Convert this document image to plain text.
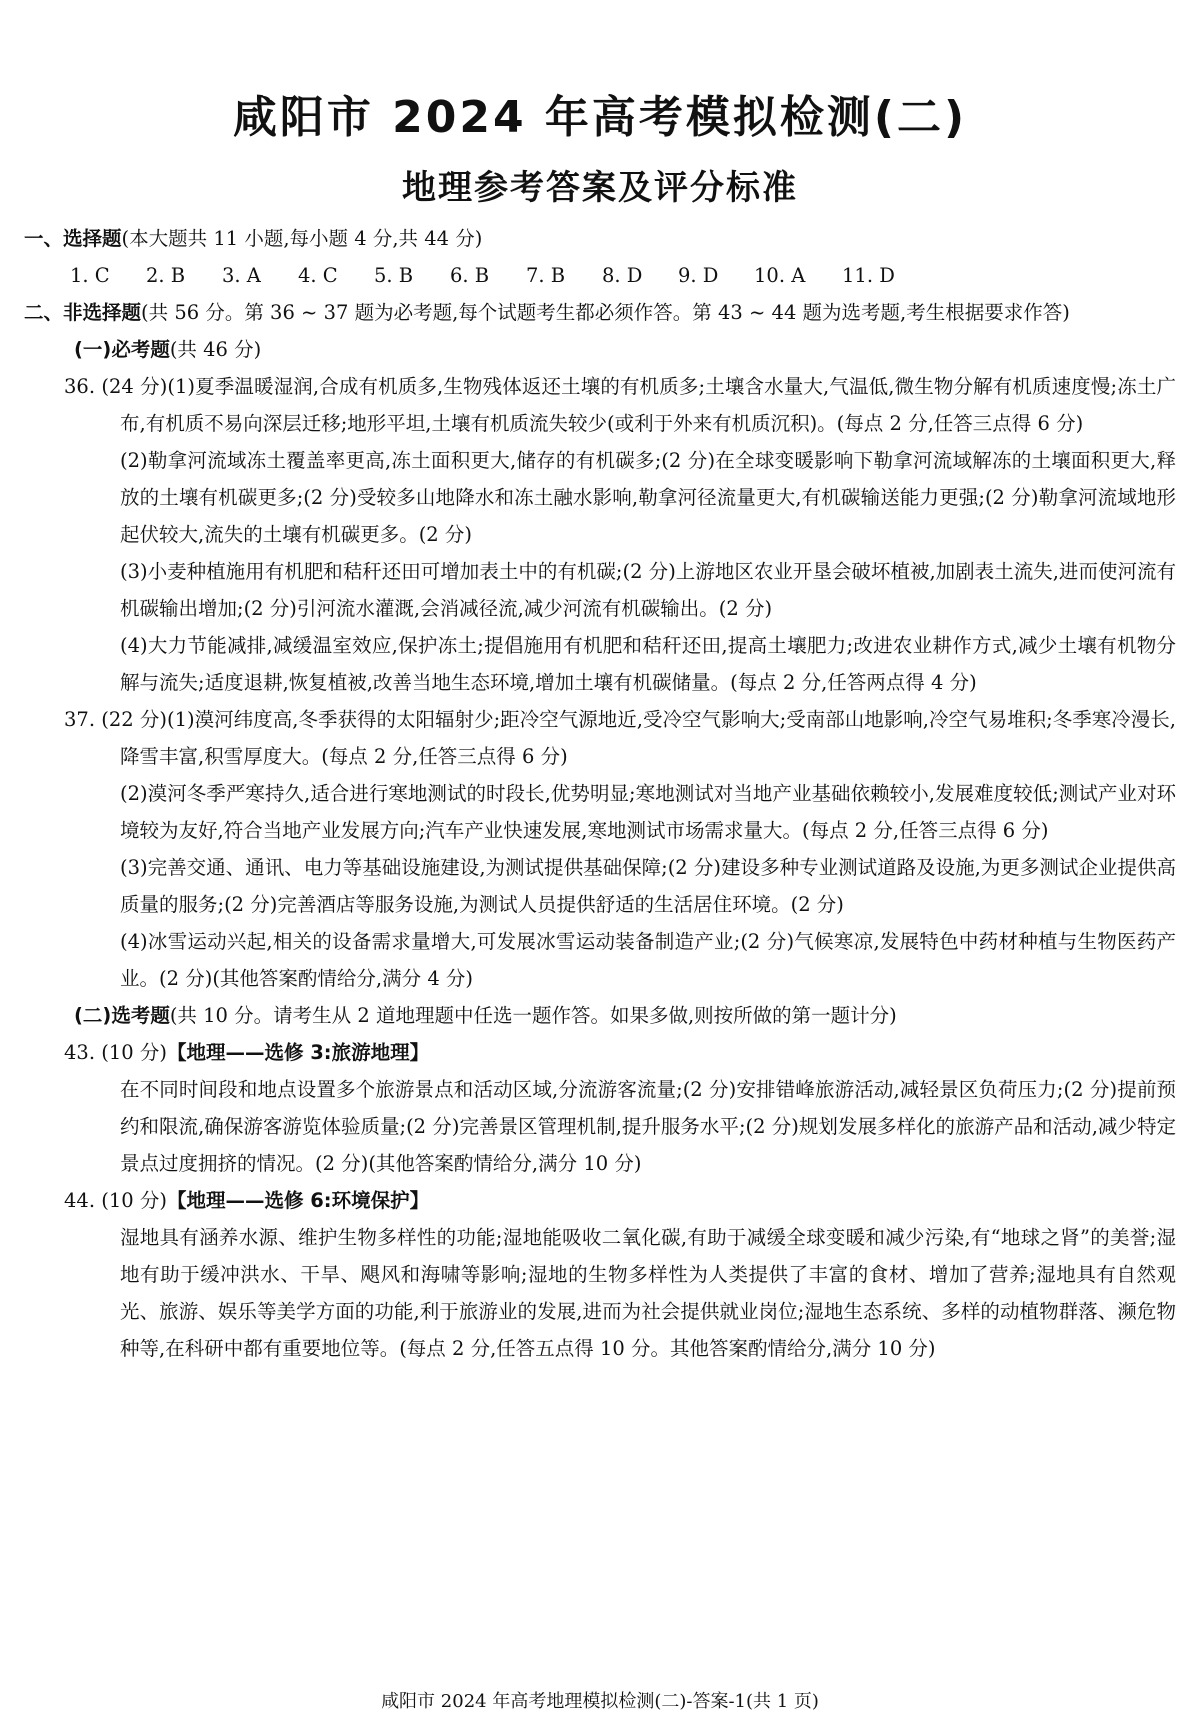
咸阳市 2024 年高考模拟检测(二)
地理参考答案及评分标准
一、选择题(本大题共 11 小题,每小题 4 分,共 44 分)
1. C	2. B	3. A	4. C	5. B	6. B	7. B	8. D	9. D	10. A	11. D
二、非选择题(共 56 分。第 36 ~ 37 题为必考题,每个试题考生都必须作答。第 43 ~ 44 题为选考题,考生根据要求作答)
(一)必考题(共 46 分)
36. (24 分)(1)夏季温暖湿润,合成有机质多,生物残体返还土壤的有机质多;土壤含水量大,气温低,微生物分解有机质速度慢;冻土广布,有机质不易向深层迁移;地形平坦,土壤有机质流失较少(或利于外来有机质沉积)。(每点 2 分,任答三点得 6 分)
(2)勒拿河流域冻土覆盖率更高,冻土面积更大,储存的有机碳多;(2 分)在全球变暖影响下勒拿河流域解冻的土壤面积更大,释放的土壤有机碳更多;(2 分)受较多山地降水和冻土融水影响,勒拿河径流量更大,有机碳输送能力更强;(2 分)勒拿河流域地形起伏较大,流失的土壤有机碳更多。(2 分)
(3)小麦种植施用有机肥和秸秆还田可增加表土中的有机碳;(2 分)上游地区农业开垦会破坏植被,加剧表土流失,进而使河流有机碳输出增加;(2 分)引河流水灌溉,会消减径流,减少河流有机碳输出。(2 分)
(4)大力节能减排,减缓温室效应,保护冻土;提倡施用有机肥和秸秆还田,提高土壤肥力;改进农业耕作方式,减少土壤有机物分解与流失;适度退耕,恢复植被,改善当地生态环境,增加土壤有机碳储量。(每点 2 分,任答两点得 4 分)
37. (22 分)(1)漠河纬度高,冬季获得的太阳辐射少;距冷空气源地近,受冷空气影响大;受南部山地影响,冷空气易堆积;冬季寒冷漫长,降雪丰富,积雪厚度大。(每点 2 分,任答三点得 6 分)
(2)漠河冬季严寒持久,适合进行寒地测试的时段长,优势明显;寒地测试对当地产业基础依赖较小,发展难度较低;测试产业对环境较为友好,符合当地产业发展方向;汽车产业快速发展,寒地测试市场需求量大。(每点 2 分,任答三点得 6 分)
(3)完善交通、通讯、电力等基础设施建设,为测试提供基础保障;(2 分)建设多种专业测试道路及设施,为更多测试企业提供高质量的服务;(2 分)完善酒店等服务设施,为测试人员提供舒适的生活居住环境。(2 分)
(4)冰雪运动兴起,相关的设备需求量增大,可发展冰雪运动装备制造产业;(2 分)气候寒凉,发展特色中药材种植与生物医药产业。(2 分)(其他答案酌情给分,满分 4 分)
(二)选考题(共 10 分。请考生从 2 道地理题中任选一题作答。如果多做,则按所做的第一题计分)
43. (10 分)【地理——选修 3:旅游地理】
在不同时间段和地点设置多个旅游景点和活动区域,分流游客流量;(2 分)安排错峰旅游活动,减轻景区负荷压力;(2 分)提前预约和限流,确保游客游览体验质量;(2 分)完善景区管理机制,提升服务水平;(2 分)规划发展多样化的旅游产品和活动,减少特定景点过度拥挤的情况。(2 分)(其他答案酌情给分,满分 10 分)
44. (10 分)【地理——选修 6:环境保护】
湿地具有涵养水源、维护生物多样性的功能;湿地能吸收二氧化碳,有助于减缓全球变暖和减少污染,有“地球之肾”的美誉;湿地有助于缓冲洪水、干旱、飓风和海啸等影响;湿地的生物多样性为人类提供了丰富的食材、增加了营养;湿地具有自然观光、旅游、娱乐等美学方面的功能,利于旅游业的发展,进而为社会提供就业岗位;湿地生态系统、多样的动植物群落、濒危物种等,在科研中都有重要地位等。(每点 2 分,任答五点得 10 分。其他答案酌情给分,满分 10 分)
咸阳市 2024 年高考地理模拟检测(二)-答案-1(共 1 页)
